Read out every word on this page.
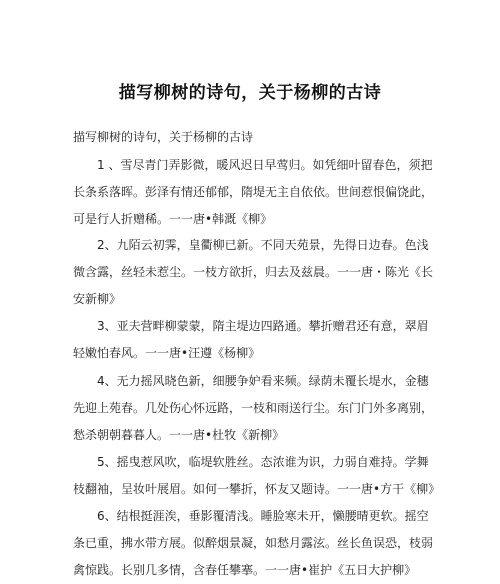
描写柳树的诗句，关于杨柳的古诗
描写柳树的诗句，关于杨柳的古诗

1 、雪尽青门弄影微，暖风迟日早莺归。如凭细叶留春色，须把
长条系落晖。彭泽有情还郁郁，隋堤无主自依依。世间惹恨偏饶此，
可是行人折赠稀。一一唐•韩溉《柳》

2、九陌云初霁，皇衢柳已新。不同天苑景，先得日边春。色浅
微含露，丝轻未惹尘。一枝方欲折，归去及兹晨。一一唐・陈光《长
安新柳》

3、亚夫营畔柳蒙蒙，隋主堤边四路通。攀折赠君还有意，翠眉
轻嫩怕春风。一一唐•汪遵《杨柳》

4、无力摇风晓色新，细腰争妒看来频。绿荫未覆长堤水，金穗
先迎上苑春。几处伤心怀远路，一枝和雨送行尘。东门门外多离别，
愁杀朝朝暮暮人。一一唐•杜牧《新柳》

5、摇曳惹风吹，临堤软胜丝。态浓谁为识，力弱自难持。学舞
枝翻袖，呈妆叶展眉。如何一攀折，怀友又题诗。一一唐•方干《柳》

6、结根挺涯涘，垂影覆清浅。睡脸寒未开，懒腰晴更软。摇空
条已重，拂水带方展。似醉烟景凝，如愁月露泫。丝长鱼误恐，枝弱
禽惊践。长别几多情，含春任攀搴。一一唐•崔护《五日大护柳》
